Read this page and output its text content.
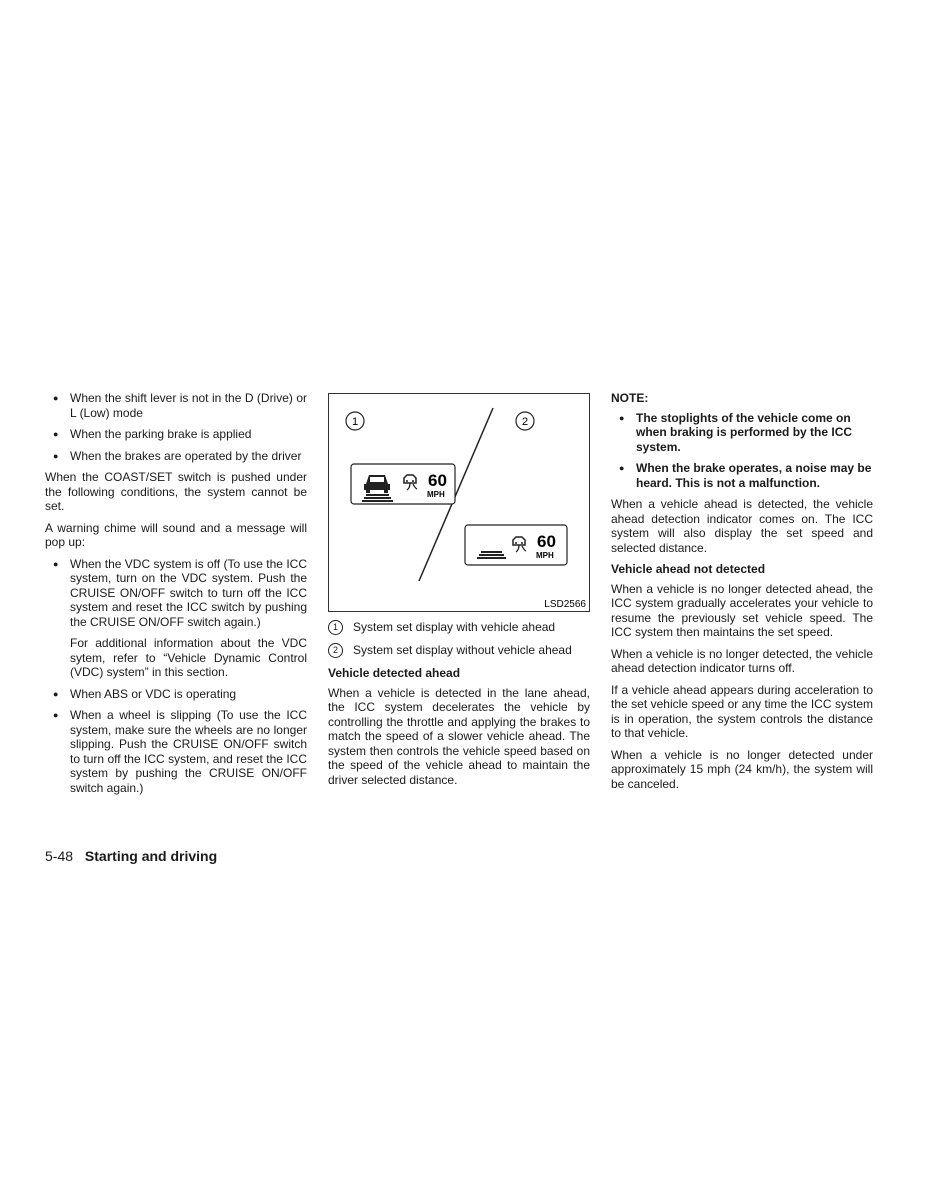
● When the shift lever is not in the D (Drive) or L (Low) mode
● When the parking brake is applied
● When the brakes are operated by the driver

When the COAST/SET switch is pushed under the following conditions, the system cannot be set.

A warning chime will sound and a message will pop up:

● When the VDC system is off (To use the ICC system, turn on the VDC system. Push the CRUISE ON/OFF switch to turn off the ICC system and reset the ICC switch by pushing the CRUISE ON/OFF switch again.)

For additional information about the VDC sytem, refer to “Vehicle Dynamic Control (VDC) system” in this section.

● When ABS or VDC is operating
● When a wheel is slipping (To use the ICC system, make sure the wheels are no longer slipping. Push the CRUISE ON/OFF switch to turn off the ICC system, and reset the ICC system by pushing the CRUISE ON/OFF switch again.)
1	2
60
MPH
60
MPH
LSD2566
1	System set display with vehicle ahead
2	System set display without vehicle ahead
Vehicle detected ahead

When a vehicle is detected in the lane ahead, the ICC system decelerates the vehicle by controlling the throttle and applying the brakes to match the speed of a slower vehicle ahead. The system then controls the vehicle speed based on the speed of the vehicle ahead to maintain the driver selected distance.

NOTE:
● The stoplights of the vehicle come on when braking is performed by the ICC system.
● When the brake operates, a noise may be heard. This is not a malfunction.

When a vehicle ahead is detected, the vehicle ahead detection indicator comes on. The ICC system will also display the set speed and selected distance.

Vehicle ahead not detected

When a vehicle is no longer detected ahead, the ICC system gradually accelerates your vehicle to resume the previously set vehicle speed. The ICC system then maintains the set speed.

When a vehicle is no longer detected, the vehicle ahead detection indicator turns off.

If a vehicle ahead appears during acceleration to the set vehicle speed or any time the ICC system is in operation, the system controls the distance to that vehicle.

When a vehicle is no longer detected under approximately 15 mph (24 km/h), the system will be canceled.

5-48 Starting and driving
